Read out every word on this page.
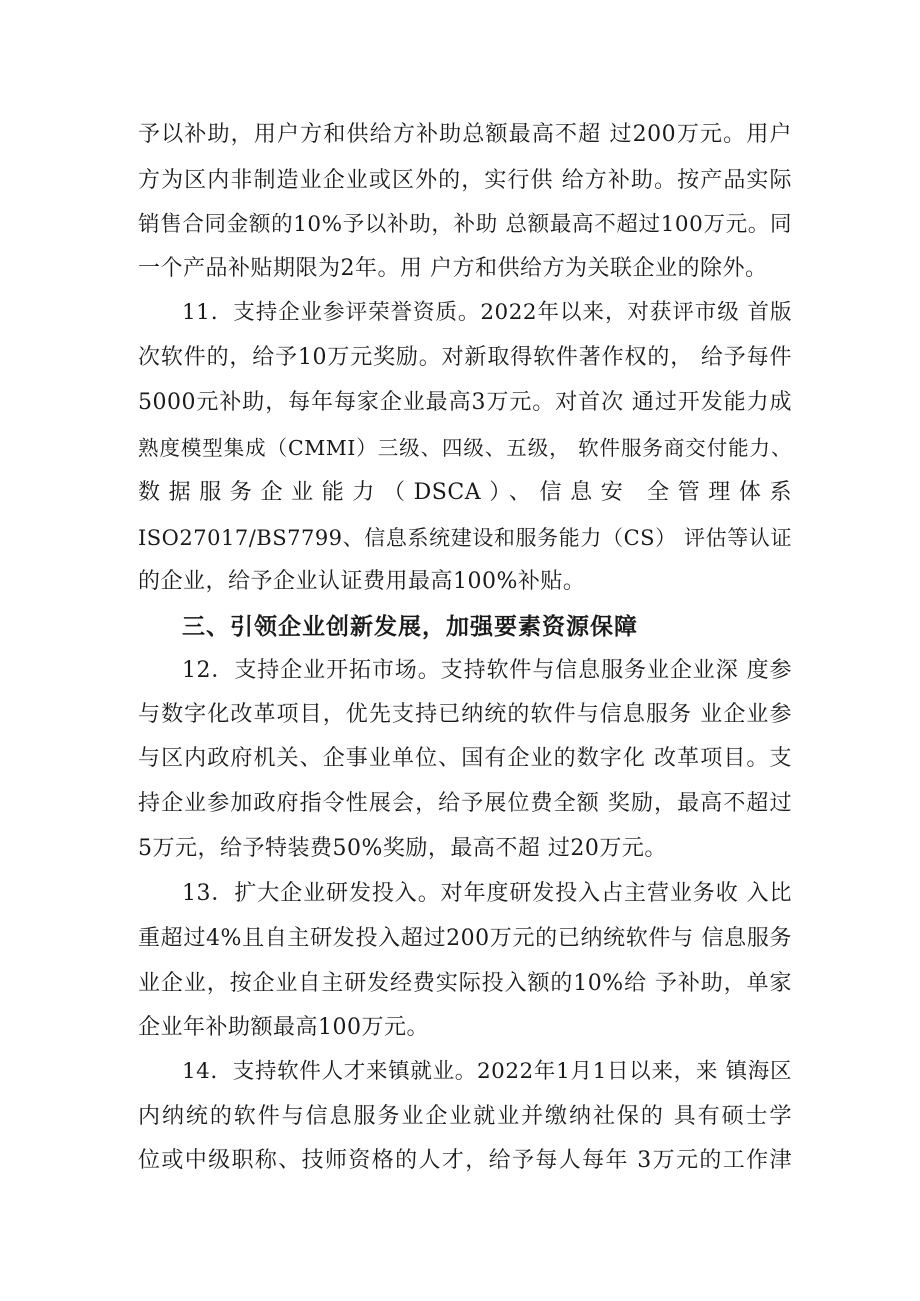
予以补助，用户方和供给方补助总额最高不超 过200万元。用户
方为区内非制造业企业或区外的，实行供 给方补助。按产品实际
销售合同金额的10%予以补助，补助 总额最高不超过100万元。同
一个产品补贴期限为2年。用 户方和供给方为关联企业的除外。
11．支持企业参评荣誉资质。2022年以来，对获评市级 首版
次软件的，给予10万元奖励。对新取得软件著作权的， 给予每件
5000元补助，每年每家企业最高3万元。对首次 通过开发能力成
熟度模型集成（CMMI）三级、四级、五级， 软件服务商交付能力、
数据服务企业能力（DSCA）、信息安 全管理体系
ISO27017/BS7799、信息系统建设和服务能力（CS） 评估等认证
的企业，给予企业认证费用最高100%补贴。
三、引领企业创新发展，加强要素资源保障
12．支持企业开拓市场。支持软件与信息服务业企业深 度参
与数字化改革项目，优先支持已纳统的软件与信息服务 业企业参
与区内政府机关、企事业单位、国有企业的数字化 改革项目。支
持企业参加政府指令性展会，给予展位费全额 奖励，最高不超过
5万元，给予特装费50%奖励，最高不超 过20万元。
13．扩大企业研发投入。对年度研发投入占主营业务收 入比
重超过4%且自主研发投入超过200万元的已纳统软件与 信息服务
业企业，按企业自主研发经费实际投入额的10%给 予补助，单家
企业年补助额最高100万元。
14．支持软件人才来镇就业。2022年1月1日以来，来 镇海区
内纳统的软件与信息服务业企业就业并缴纳社保的 具有硕士学
位或中级职称、技师资格的人才，给予每人每年 3万元的工作津
